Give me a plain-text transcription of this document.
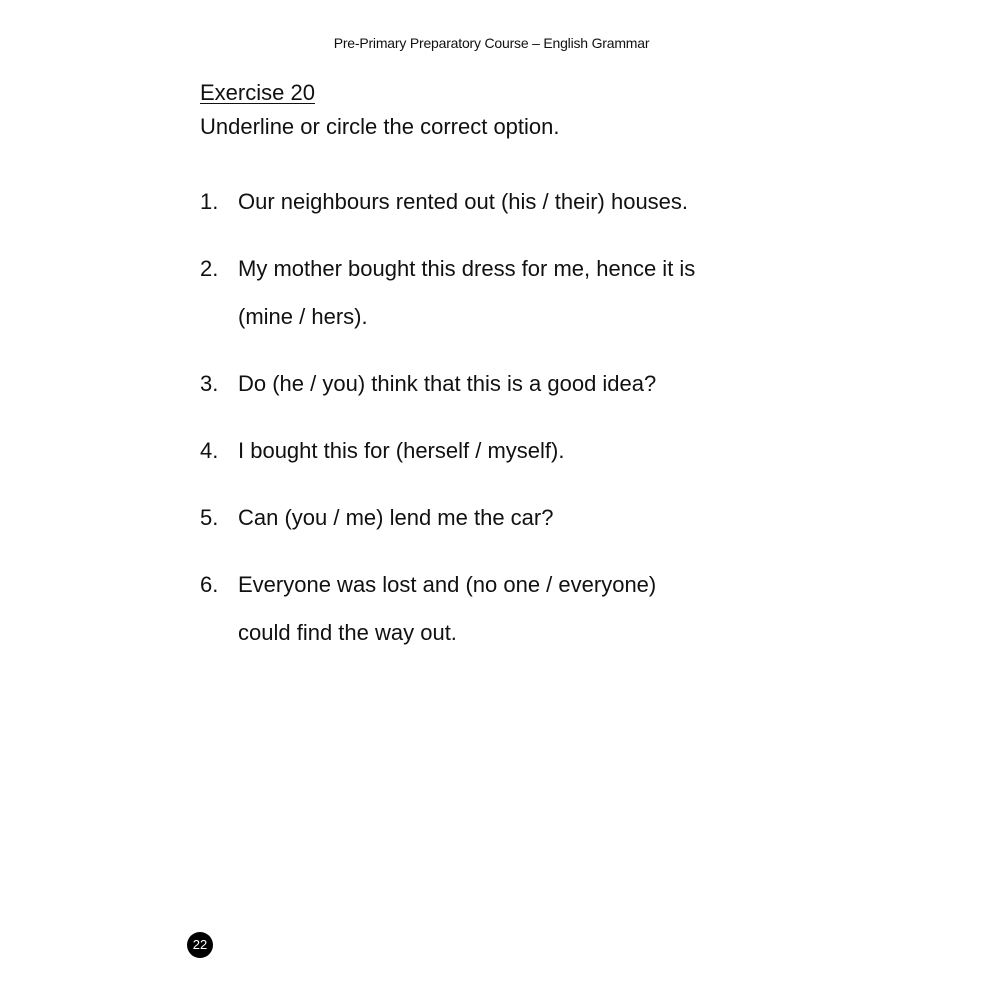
Pre-Primary Preparatory Course – English Grammar
Exercise 20

Underline or circle the correct option.

1. Our neighbours rented out (his / their) houses.
2. My mother bought this dress for me, hence it is
(mine / hers).
3. Do (he / you) think that this is a good idea?
4. I bought this for (herself / myself).
5. Can (you / me) lend me the car?
6. Everyone was lost and (no one / everyone)
could find the way out.
22
